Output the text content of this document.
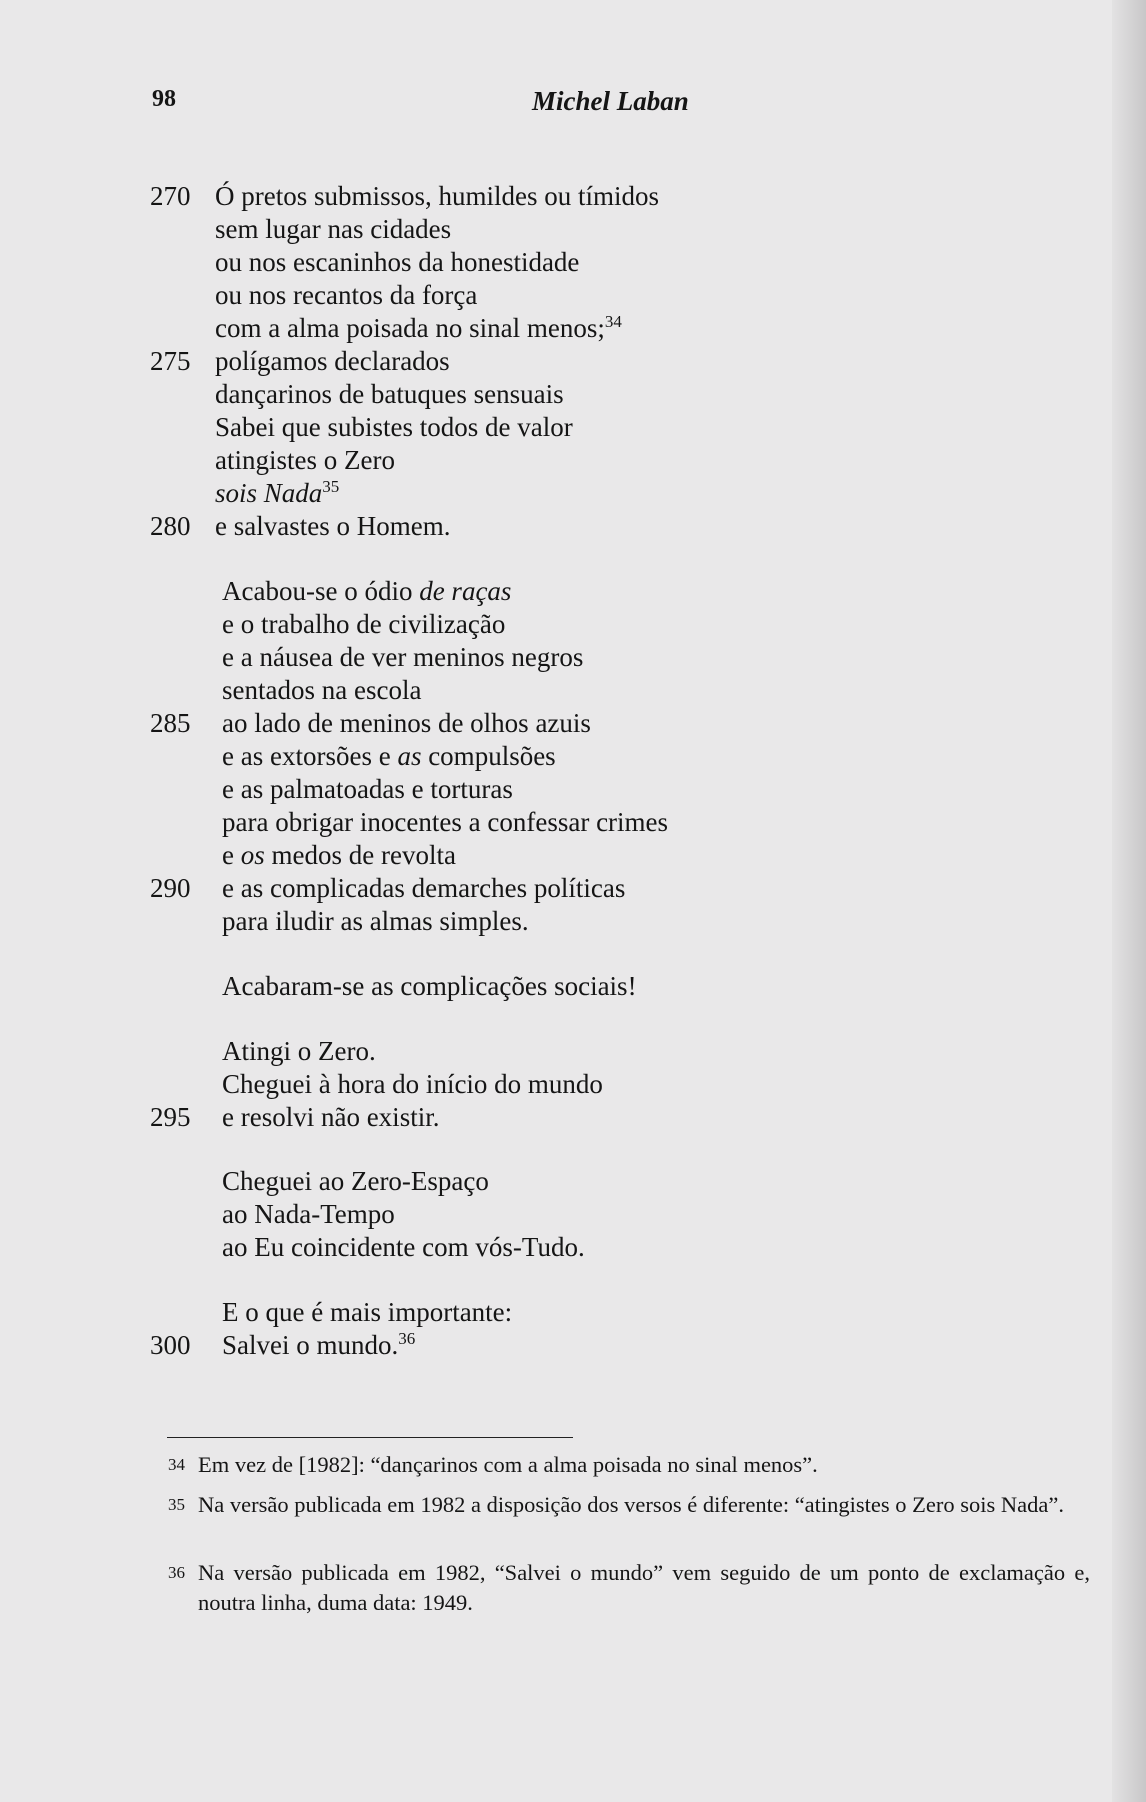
98	Michel Laban
270 Ó pretos submissos, humildes ou tímidos
sem lugar nas cidades
ou nos escaninhos da honestidade
ou nos recantos da força
com a alma poisada no sinal menos;$^{34}$
275 polígamos declarados
dançarinos de batuques sensuais
Sabei que subistes todos de valor
atingistes o Zero
sois Nada$^{35}$
280 e salvastes o Homem.
Acabou-se o ódio de raças
e o trabalho de civilização
e a náusea de ver meninos negros
sentados na escola
285	ao lado de meninos de olhos azuis
e as extorsões e as compulsões
e as palmatoadas e torturas
para obrigar inocentes a confessar crimes
e os medos de revolta
290	e as complicadas demarches políticas
para iludir as almas simples.
Acabaram-se as complicações sociais!
Atingi o Zero.
Cheguei à hora do início do mundo
295	e resolvi não existir.
Cheguei ao Zero-Espaço
ao Nada-Tempo
ao Eu coincidente com vós-Tudo.
E o que é mais importante:
300	Salvei o mundo.$^{36}$
34 Em vez de [1982]: “dançarinos com a alma poisada no sinal menos”.
35 Na versão publicada em 1982 a disposição dos versos é diferente: “atingistes o Zero sois Nada”.
36 Na versão publicada em 1982, “Salvei o mundo” vem seguido de um ponto de exclamação e, noutra linha, duma data: 1949.
